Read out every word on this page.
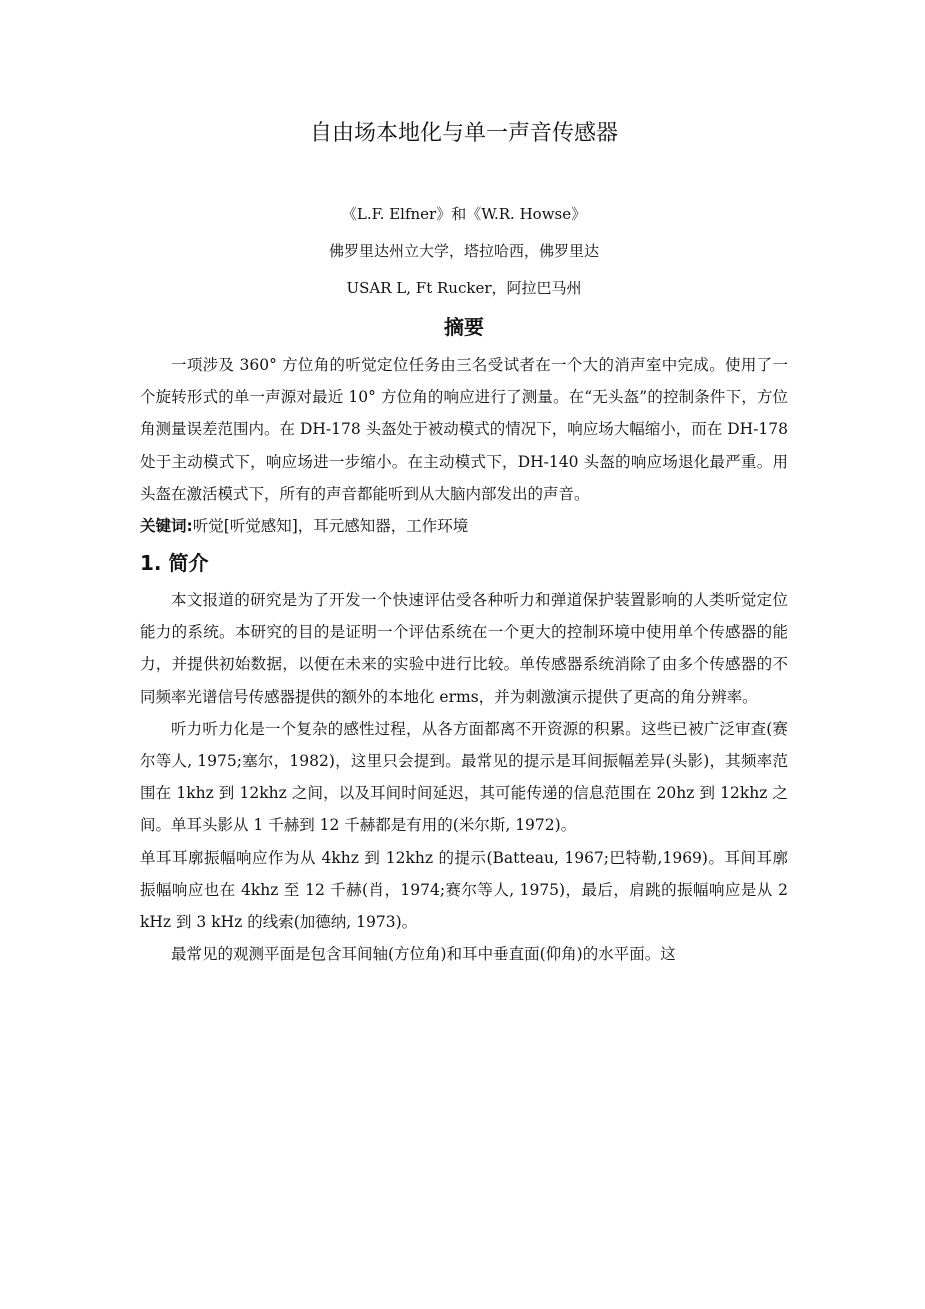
自由场本地化与单一声音传感器

《L.F. Elfner》和《W.R. Howse》

佛罗里达州立大学，塔拉哈西，佛罗里达

USAR L, Ft Rucker，阿拉巴马州

摘要

一项涉及 360° 方位角的听觉定位任务由三名受试者在一个大的消声室中完成。使用了一个旋转形式的单一声源对最近 10° 方位角的响应进行了测量。在“无头盔”的控制条件下，方位角测量误差范围内。在 DH-178 头盔处于被动模式的情况下，响应场大幅缩小，而在 DH-178 处于主动模式下，响应场进一步缩小。在主动模式下，DH-140 头盔的响应场退化最严重。用头盔在激活模式下，所有的声音都能听到从大脑内部发出的声音。

关键词:听觉[听觉感知]，耳元感知器，工作环境

1. 简介

本文报道的研究是为了开发一个快速评估受各种听力和弹道保护装置影响的人类听觉定位能力的系统。本研究的目的是证明一个评估系统在一个更大的控制环境中使用单个传感器的能力，并提供初始数据，以便在未来的实验中进行比较。单传感器系统消除了由多个传感器的不同频率光谱信号传感器提供的额外的本地化 erms，并为刺激演示提供了更高的角分辨率。

听力听力化是一个复杂的感性过程，从各方面都离不开资源的积累。这些已被广泛审查(赛尔等人, 1975;塞尔，1982)，这里只会提到。最常见的提示是耳间振幅差异(头影)，其频率范围在 1khz 到 12khz 之间，以及耳间时间延迟，其可能传递的信息范围在 20hz 到 12khz 之间。单耳头影从 1 千赫到 12 千赫都是有用的(米尔斯, 1972)。

单耳耳廓振幅响应作为从 4khz 到 12khz 的提示(Batteau, 1967;巴特勒,1969)。耳间耳廓振幅响应也在 4khz 至 12 千赫(肖，1974;赛尔等人, 1975)，最后，肩跳的振幅响应是从 2 kHz 到 3 kHz 的线索(加德纳, 1973)。

最常见的观测平面是包含耳间轴(方位角)和耳中垂直面(仰角)的水平面。这
